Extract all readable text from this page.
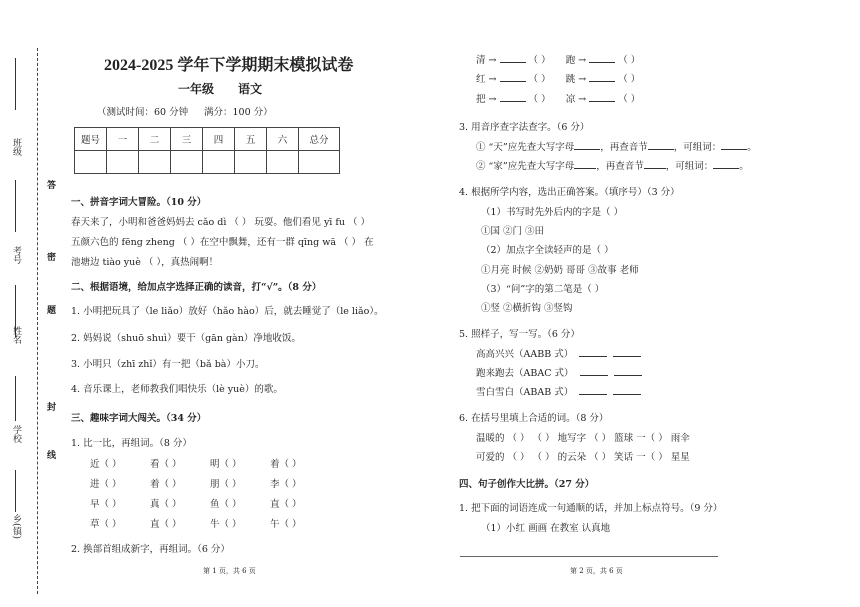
班级
考号
姓名
学校
乡(镇)
答
密
题
封
线
2024-2025 学年下学期期末模拟试卷
一年级 语文
（测试时间：60 分钟 满分：100 分）
题号	一	二	三	四	五	六	总分

一、拼音字词大冒险。（10 分）
春天来了，小明和爸爸妈妈去 cǎo dì （ ） 玩耍。他们看见 yī fu （ ）
五颜六色的 fēng zheng （ ）在空中飘舞，还有一群 qīng wā （ ） 在
池塘边 tiào yuè （ ），真热闹啊！
二、根据语境，给加点字选择正确的读音，打“√”。（8 分）
1. 小明把玩具了（le liǎo）放好（hǎo hào）后，就去睡觉了（le liǎo）。
2. 妈妈说（shuō shuì）要干（gān gàn）净地收饭。
3. 小明只（zhī zhǐ）有一把（bǎ bà）小刀。
4. 音乐课上，老师教我们唱快乐（lè yuè）的歌。
三、趣味字词大闯关。（34 分）
1. 比一比，再组词。（8 分）
近（ ）	看（ ）	明（ ）	着（ ）
进（ ）	着（ ）	朋（ ）	李（ ）
早（ ）	真（ ）	鱼（ ）	直（ ）
草（ ）	直（ ）	牛（ ）	午（ ）
2. 换部首组成新字，再组词。（6 分）
第 1 页，共 6 页
清 →	（ ） 跑 →	（ ）
红 →	（ ） 跳 →	（ ）
把 →	（ ） 凉 →	（ ）
3. 用音序查字法查字。（6 分）
① “天”应先查大写字母	，再查音节	，可组词：	。
② “家”应先查大写字母 ，再查音节 ，可组词：	。
4. 根据所学内容，选出正确答案。（填序号）（3 分）
（1）书写时先外后内的字是（ ）
①国 ②门 ③田
（2）加点字全读轻声的是（ ）
①月亮 时候 ②奶奶 哥哥 ③故事 老师
（3）“问”字的第二笔是（ ）
①竖 ②横折钩 ③竖钩
5. 照样子，写一写。（6 分）
高高兴兴（AABB 式）
跑来跑去（ABAC 式）
雪白雪白（ABAB 式）
6. 在括号里填上合适的词。（8 分）
温暖的 （ ） （ ） 地写字 （ ） 篮球 一（ ） 雨伞
可爱的 （ ） （ ） 的云朵 （ ） 笑话 一（ ） 星星
四、句子创作大比拼。（27 分）
1. 把下面的词语连成一句通顺的话，并加上标点符号。（9 分）
（1）小红 画画 在教室 认真地
第 2 页，共 6 页
